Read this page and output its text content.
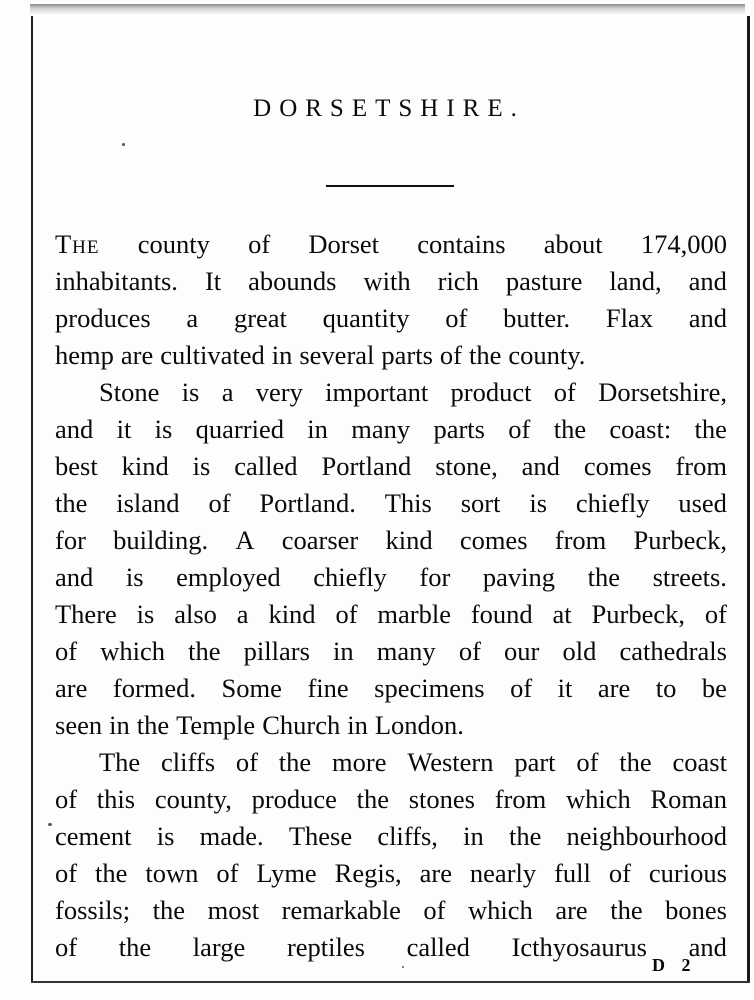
DORSETSHIRE.
The county of Dorset contains about 174,000
inhabitants. It abounds with rich pasture land, and
produces a great quantity of butter. Flax and
hemp are cultivated in several parts of the county.
Stone is a very important product of Dorsetshire,
and it is quarried in many parts of the coast: the
best kind is called Portland stone, and comes from
the island of Portland. This sort is chiefly used
for building. A coarser kind comes from Purbeck,
and is employed chiefly for paving the streets.
There is also a kind of marble found at Purbeck, of
of which the pillars in many of our old cathedrals
are formed. Some fine specimens of it are to be
seen in the Temple Church in London.
The cliffs of the more Western part of the coast
of this county, produce the stones from which Roman
cement is made. These cliffs, in the neighbourhood
of the town of Lyme Regis, are nearly full of curious
fossils; the most remarkable of which are the bones
of the large reptiles called Icthyosaurus and
D 2
